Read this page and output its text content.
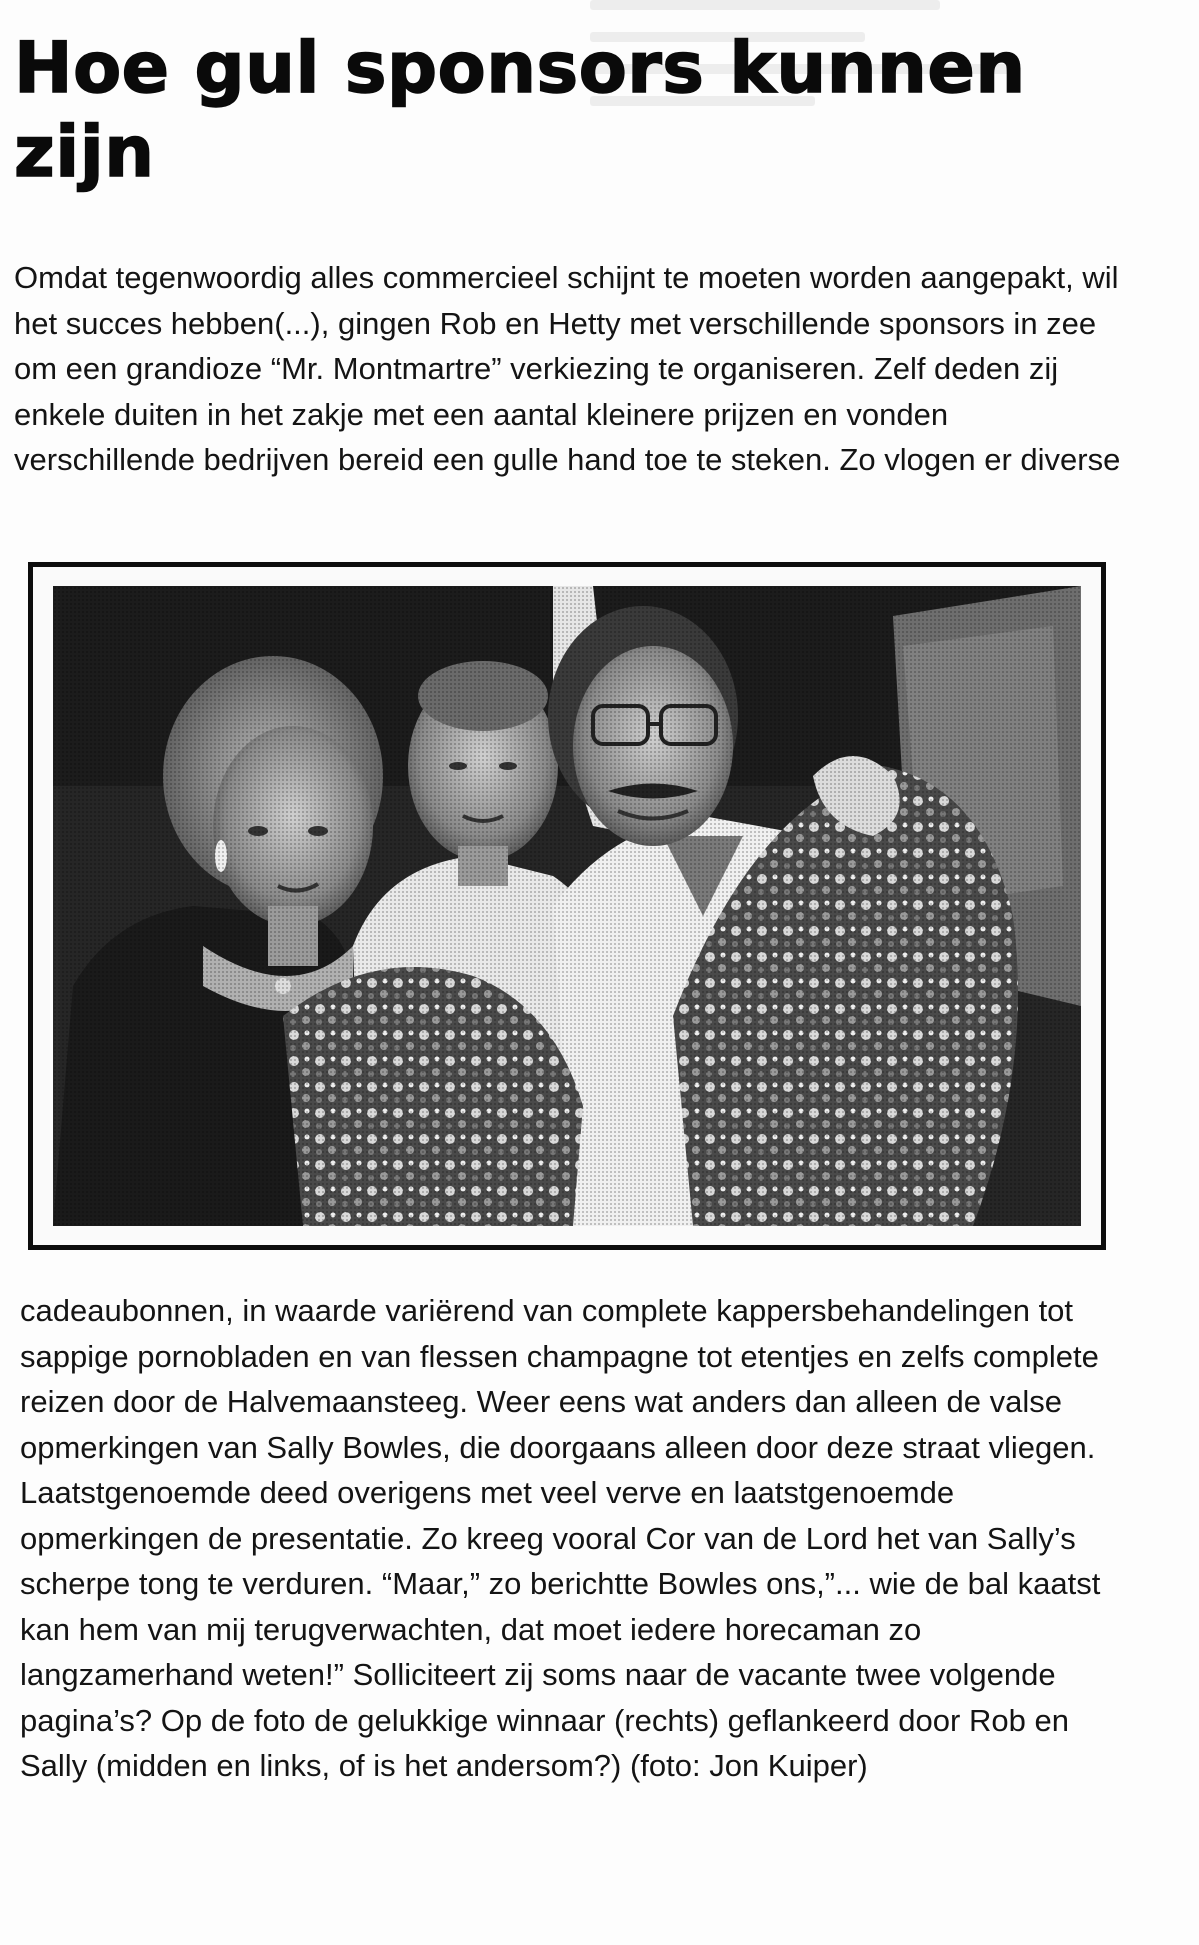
Hoe gul sponsors kunnen zijn

Omdat tegenwoordig alles commercieel schijnt te moeten worden aangepakt, wil het succes hebben(...), gingen Rob en Hetty met verschillende sponsors in zee om een grandioze “Mr. Montmartre” verkiezing te organiseren. Zelf deden zij enkele duiten in het zakje met een aantal kleinere prijzen en vonden verschillende bedrijven bereid een gulle hand toe te steken. Zo vlogen er diverse

cadeaubonnen, in waarde variërend van complete kappersbehandelingen tot sappige pornobladen en van flessen champagne tot etentjes en zelfs complete reizen door de Halvemaansteeg. Weer eens wat anders dan alleen de valse opmerkingen van Sally Bowles, die doorgaans alleen door deze straat vliegen. Laatstgenoemde deed overigens met veel verve en laatstgenoemde opmerkingen de presentatie. Zo kreeg vooral Cor van de Lord het van Sally’s scherpe tong te verduren. “Maar,” zo berichtte Bowles ons,”... wie de bal kaatst kan hem van mij terugverwachten, dat moet iedere horecaman zo langzamerhand weten!” Solliciteert zij soms naar de vacante twee volgende pagina’s? Op de foto de gelukkige winnaar (rechts) geflankeerd door Rob en Sally (midden en links, of is het andersom?) (foto: Jon Kuiper)
